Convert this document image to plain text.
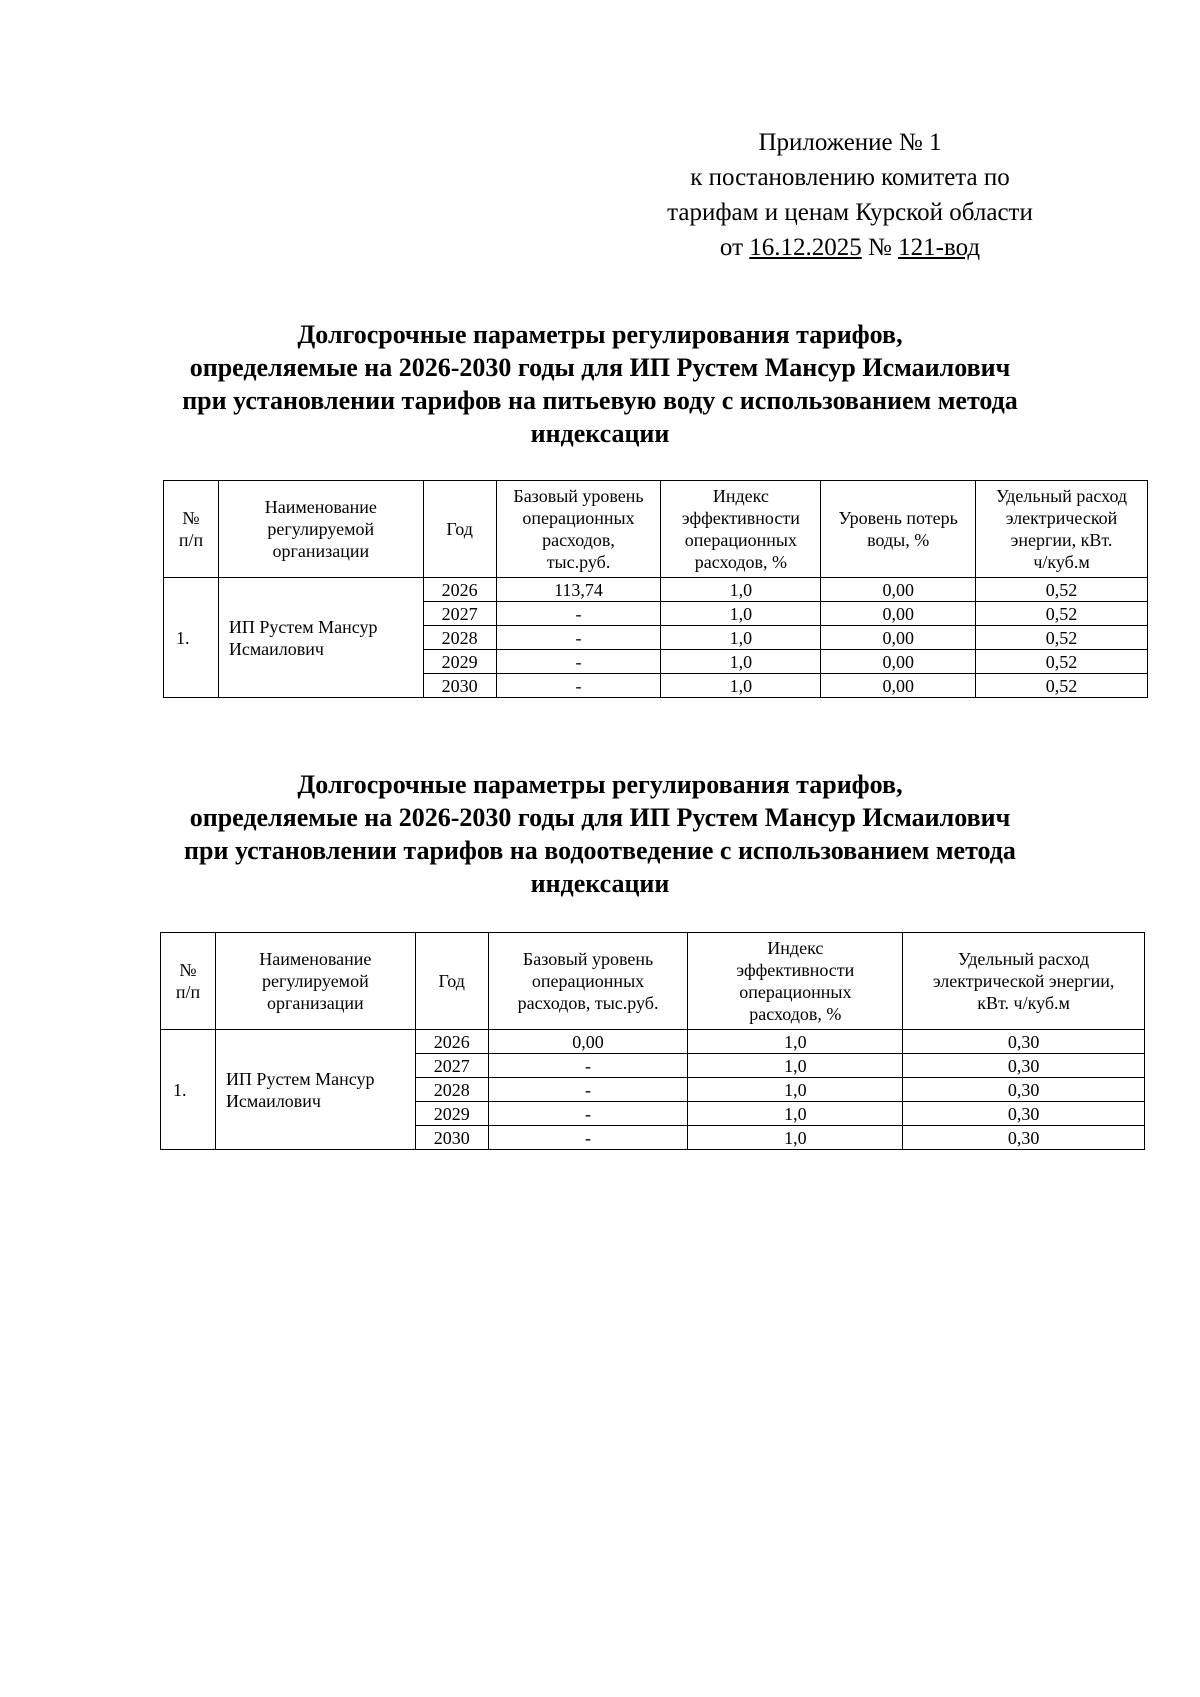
Приложение № 1
к постановлению комитета по
тарифам и ценам Курской области
от 16.12.2025 № 121-вод
Долгосрочные параметры регулирования тарифов,
определяемые на 2026-2030 годы для ИП Рустем Мансур Исмаилович
при установлении тарифов на питьевую воду с использованием метода
индексации
№
п/п	Наименование
регулируемой
организации	Год	Базовый уровень
операционных
расходов,
тыс.руб.	Индекс
эффективности
операционных
расходов, %	Уровень потерь
воды, %	Удельный расход
электрической
энергии, кВт.
ч/куб.м

1.	ИП Рустем Мансур
Исмаилович	2026	113,74	1,0	0,00	0,52
		2027	-	1,0	0,00	0,52
		2028	-	1,0	0,00	0,52
		2029	-	1,0	0,00	0,52
		2030	-	1,0	0,00	0,52
Долгосрочные параметры регулирования тарифов,
определяемые на 2026-2030 годы для ИП Рустем Мансур Исмаилович
при установлении тарифов на водоотведение с использованием метода
индексации
№
п/п	Наименование
регулируемой
организации	Год	Базовый уровень
операционных
расходов, тыс.руб.	Индекс
эффективности
операционных
расходов, %	Удельный расход
электрической энергии,
кВт. ч/куб.м

1.	ИП Рустем Мансур
Исмаилович	2026	0,00	1,0	0,30
		2027	-	1,0	0,30
		2028	-	1,0	0,30
		2029	-	1,0	0,30
		2030	-	1,0	0,30
